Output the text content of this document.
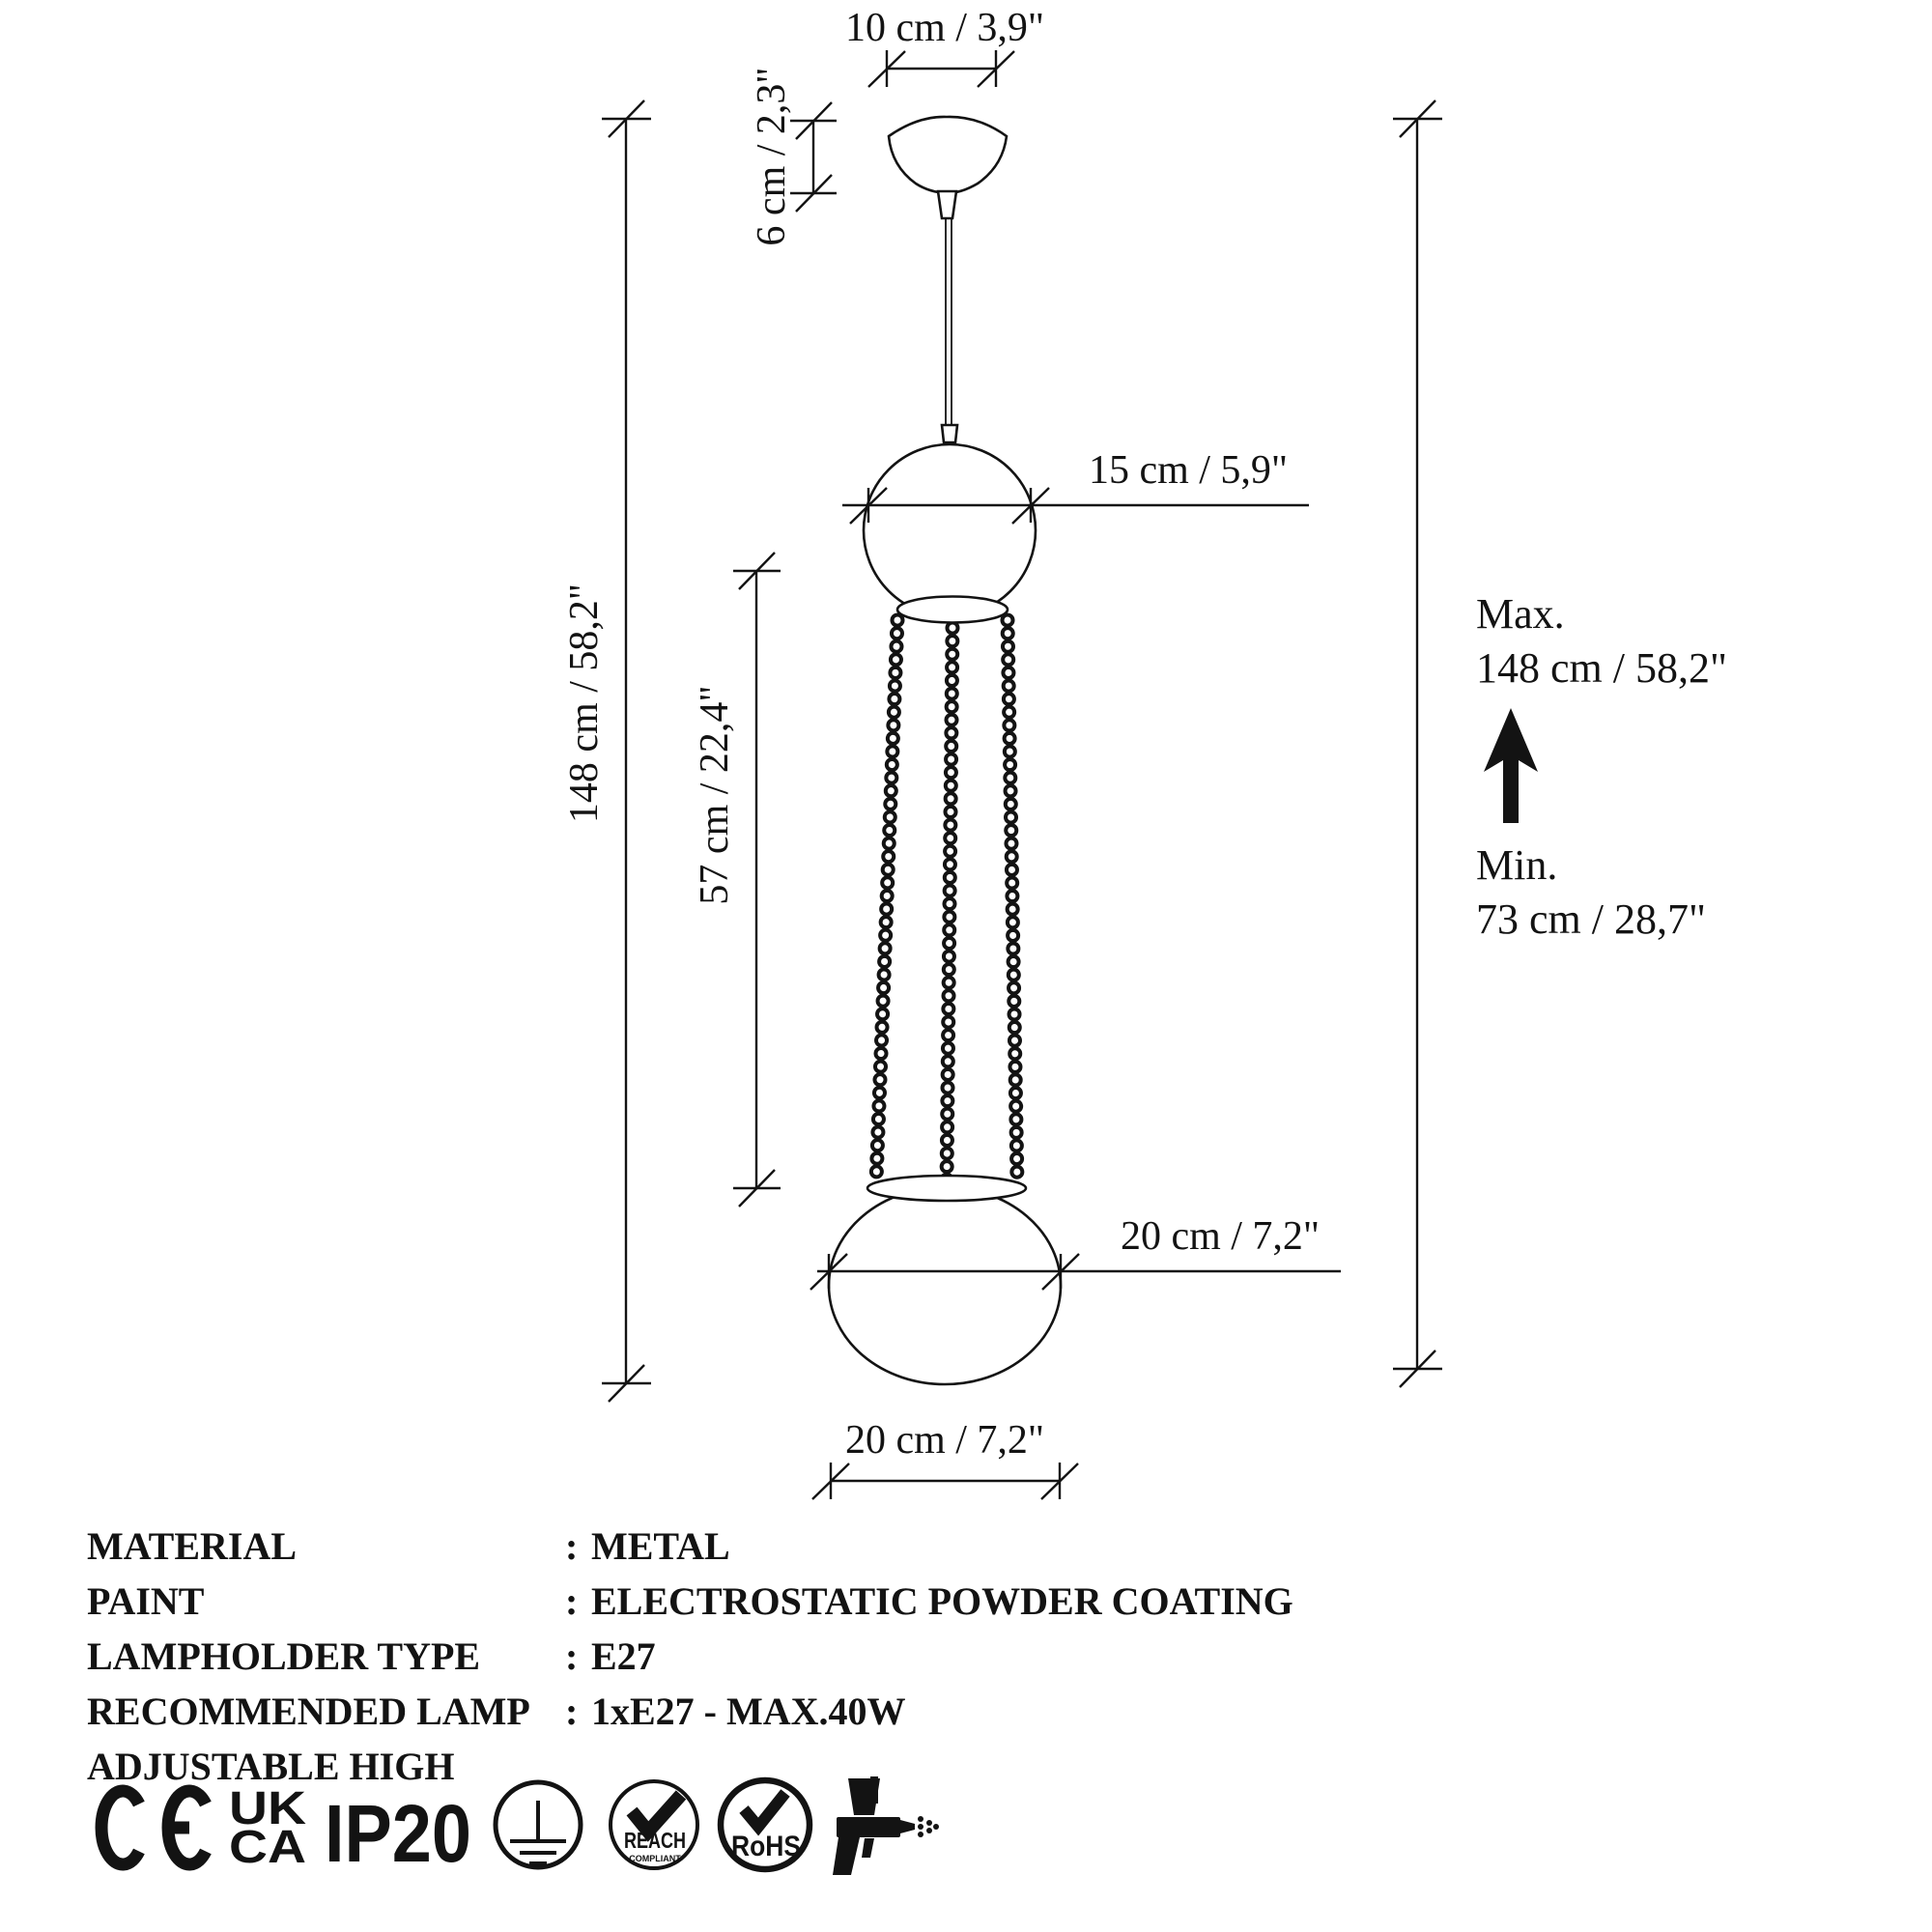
148 cm / 58,2"
10 cm / 3,9"
6 cm / 2,3"
15 cm / 5,9"
57 cm / 22,4"
20 cm / 7,2"
20 cm / 7,2"
Max.
148 cm / 58,2"
Min.
73 cm / 28,7"
MATERIAL	: METAL
PAINT	: ELECTROSTATIC POWDER COATING
LAMPHOLDER TYPE : E27
RECOMMENDED LAMP : 1xE27 - MAX.40W
ADJUSTABLE HIGH
UK
CA IP20	REACH
COMPLIANT RoHS
